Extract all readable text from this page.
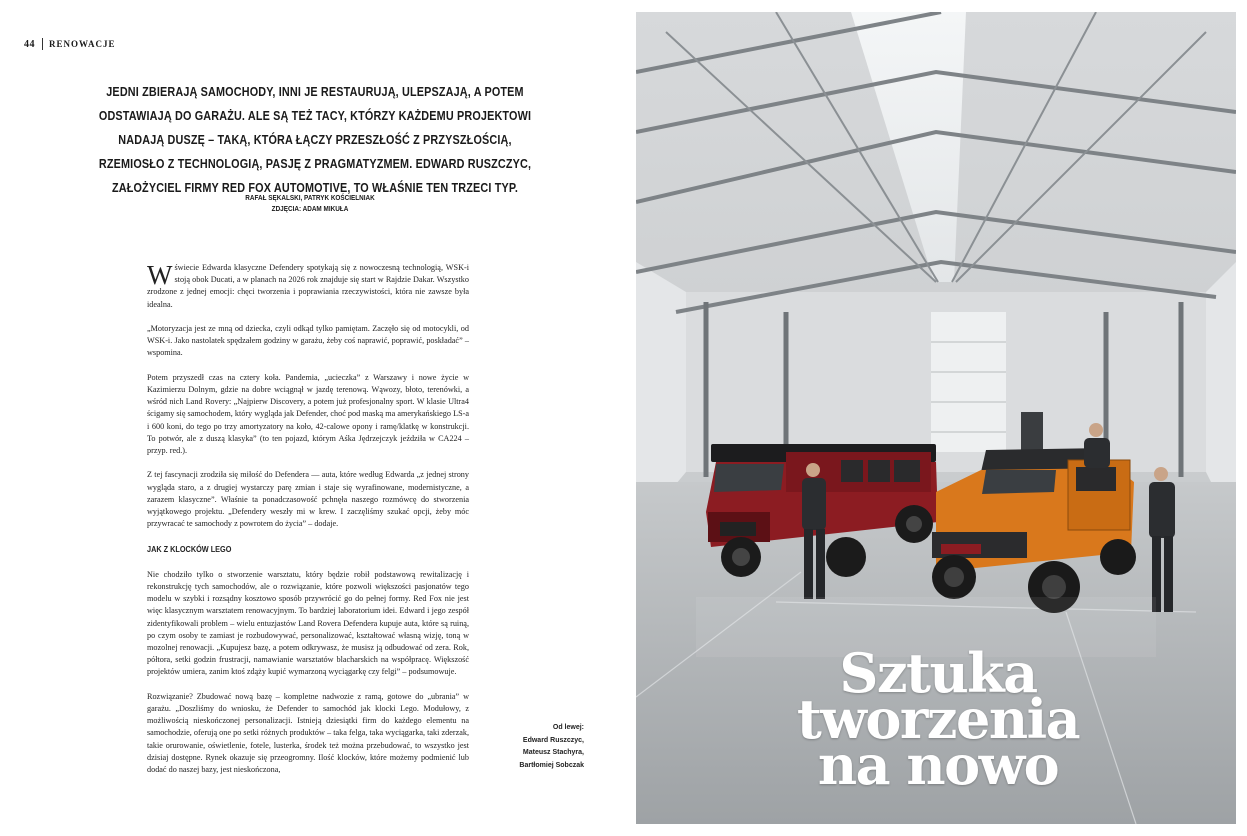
44 RENOWACJE
JEDNI ZBIERAJĄ SAMOCHODY, INNI JE RESTAURUJĄ, ULEPSZAJĄ, A POTEM ODSTAWIAJĄ DO GARAŻU. ALE SĄ TEŻ TACY, KTÓRZY KAŻDEMU PROJEKTOWI NADAJĄ DUSZĘ – TAKĄ, KTÓRA ŁĄCZY PRZESZŁOŚĆ Z PRZYSZŁOŚCIĄ, RZEMIOSŁO Z TECHNOLOGIĄ, PASJĘ Z PRAGMATYZMEM. EDWARD RUSZCZYC, ZAŁOŻYCIEL FIRMY RED FOX AUTOMOTIVE, TO WŁAŚNIE TEN TRZECI TYP.
RAFAŁ SĘKALSKI, PATRYK KOŚCIELNIAK
ZDJĘCIA: ADAM MIKUŁA

Wświecie Edwarda klasyczne Defendery spotykają się z nowoczesną technologią, WSK-i stoją obok Ducati, a w planach na 2026 rok znajduje się start w Rajdzie Dakar. Wszystko zrodzone z jednej emocji: chęci tworzenia i poprawiania rzeczywistości, która nie zawsze była idealna.

„Motoryzacja jest ze mną od dziecka, czyli odkąd tylko pamiętam. Zaczęło się od motocykli, od WSK-i. Jako nastolatek spędzałem godziny w garażu, żeby coś naprawić, poprawić, poskładać” – wspomina.

Potem przyszedł czas na cztery koła. Pandemia, „ucieczka” z Warszawy i nowe życie w Kazimierzu Dolnym, gdzie na dobre wciągnął w jazdę terenową. Wąwozy, błoto, terenówki, a wśród nich Land Rovery: „Najpierw Discovery, a potem już profesjonalny sport. W klasie Ultra4 ścigamy się samochodem, który wygląda jak Defender, choć pod maską ma amerykańskiego LS-a i 600 koni, do tego po trzy amortyzatory na koło, 42-calowe opony i ramę/klatkę w konstrukcji. To potwór, ale z duszą klasyka” (to ten pojazd, którym Aśka Jędrzejczyk jeździła w CA224 – przyp. red.).

Z tej fascynacji zrodziła się miłość do Defendera — auta, które według Edwarda „z jednej strony wygląda staro, a z drugiej wystarczy parę zmian i staje się wyrafinowane, modernistyczne, a zarazem klasyczne”. Właśnie ta ponadczasowość pchnęła naszego rozmówcę do stworzenia wyjątkowego projektu. „Defendery weszły mi w krew. I zaczęliśmy szukać opcji, żeby móc przywracać te samochody z powrotem do życia” – dodaje.

JAK Z KLOCKÓW LEGO

Nie chodziło tylko o stworzenie warsztatu, który będzie robił podstawową rewitalizację i rekonstrukcję tych samochodów, ale o rozwiązanie, które pozwoli większości pasjonatów tego modelu w szybki i rozsądny kosztowo sposób przywrócić go do pełnej formy. Red Fox nie jest więc klasycznym warsztatem renowacyjnym. To bardziej laboratorium idei. Edward i jego zespół zidentyfikowali problem – wielu entuzjastów Land Rovera Defendera kupuje auta, które są ruiną, po czym osoby te zamiast je rozbudowywać, personalizować, kształtować własną wizję, toną w mozolnej renowacji. „Kupujesz bazę, a potem odkrywasz, że musisz ją odbudować od zera. Rok, półtora, setki godzin frustracji, namawianie warsztatów blacharskich na współpracę. Większość projektów umiera, zanim ktoś zdąży kupić wymarzoną wyciągarkę czy felgi” – podsumowuje.

Rozwiązanie? Zbudować nową bazę – kompletne nadwozie z ramą, gotowe do „ubrania” w garażu. „Doszliśmy do wniosku, że Defender to samochód jak klocki Lego. Modułowy, z możliwością nieskończonej personalizacji. Istnieją dziesiątki firm do każdego elementu na samochodzie, oferują one po setki różnych produktów – taka felga, taka wyciągarka, taki zderzak, takie orurowanie, oświetlenie, fotele, lusterka, środek też można przebudować, to wszystko jest dzisiaj dostępne. Rynek okazuje się przeogromny. Ilość klocków, które możemy podmienić lub dodać do naszej bazy, jest nieskończona,

Od lewej:
Edward Ruszczyc,
Mateusz Stachyra,
Bartłomiej Sobczak
Sztuka
tworzenia
na nowo
